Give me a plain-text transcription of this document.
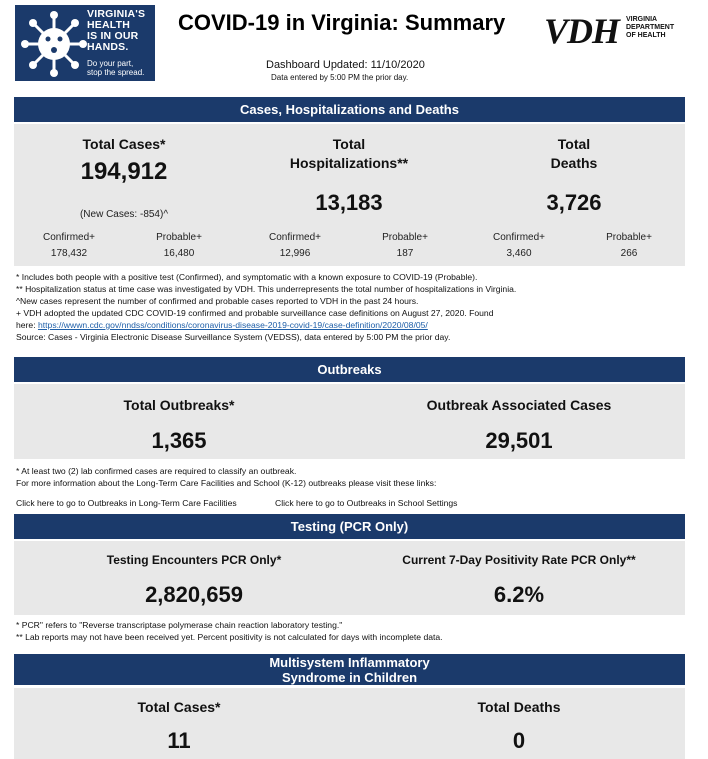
VIRGINIA'S
HEALTH
IS IN OUR
HANDS.
Do your part,
stop the spread.
COVID-19 in Virginia: Summary VDH VIRGINIA
DEPARTMENT
OF HEALTH
Dashboard Updated: 11/10/2020
Data entered by 5:00 PM the prior day.
Cases, Hospitalizations and Deaths
Total Cases*
194,912
(New Cases: -854)^
Total
Hospitalizations**
13,183
Total
Deaths
3,726
Confirmed+
178,432
Probable+
16,480
Confirmed+
12,996
Probable+
187
Confirmed+
3,460
Probable+
266
* Includes both people with a positive test (Confirmed), and symptomatic with a known exposure to COVID-19 (Probable).
** Hospitalization status at time case was investigated by VDH. This underrepresents the total number of hospitalizations in Virginia.
^New cases represent the number of confirmed and probable cases reported to VDH in the past 24 hours.
+ VDH adopted the updated CDC COVID-19 confirmed and probable surveillance case definitions on August 27, 2020. Found
here: https://wwwn.cdc.gov/nndss/conditions/coronavirus-disease-2019-covid-19/case-definition/2020/08/05/
Source: Cases - Virginia Electronic Disease Surveillance System (VEDSS), data entered by 5:00 PM the prior day.
Outbreaks
Total Outbreaks*
1,365
Outbreak Associated Cases
29,501
* At least two (2) lab confirmed cases are required to classify an outbreak.
For more information about the Long-Term Care Facilities and School (K-12) outbreaks please visit these links:
Click here to go to Outbreaks in Long-Term Care Facilities	Click here to go to Outbreaks in School Settings
Testing (PCR Only)
Testing Encounters PCR Only*
2,820,659
Current 7-Day Positivity Rate PCR Only**
6.2%
* PCR" refers to "Reverse transcriptase polymerase chain reaction laboratory testing."
** Lab reports may not have been received yet. Percent positivity is not calculated for days with incomplete data.
Multisystem Inflammatory
Syndrome in Children
Total Cases*
11
Total Deaths
0
